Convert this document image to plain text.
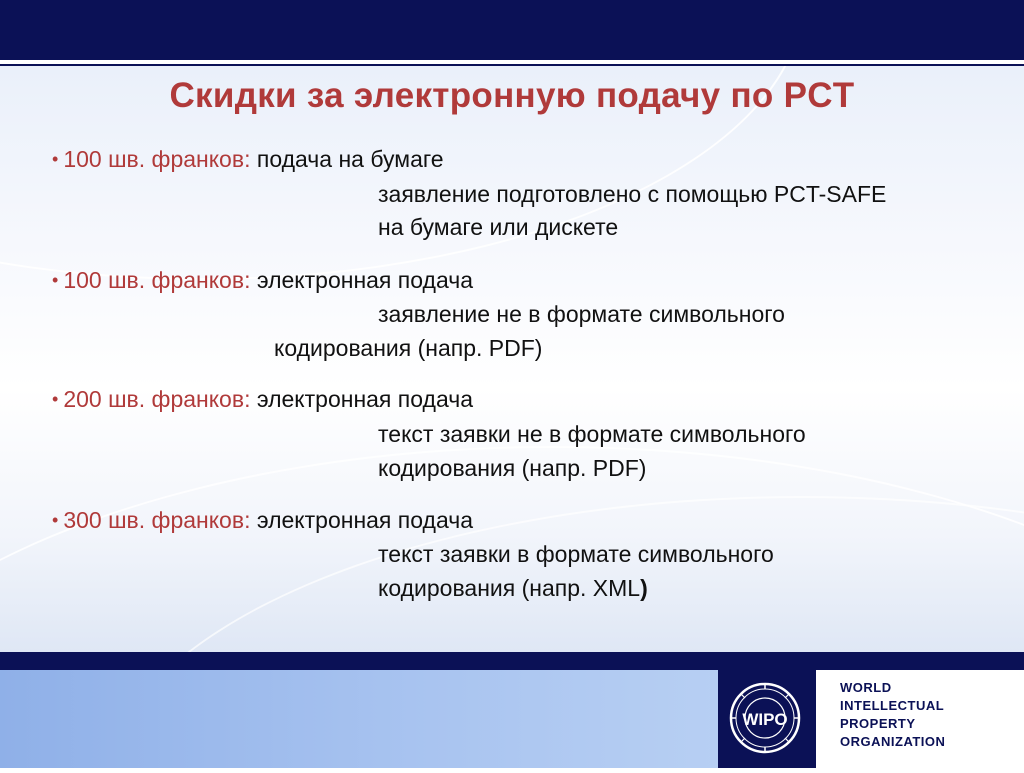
Скидки за электронную подачу по PCT
• 100 шв. франков: подача на бумаге
заявление подготовлено с помощью PCT-SAFE
на бумаге или дискете
• 100 шв. франков: электронная подача
заявление не в формате символьного
кодирования (напр. PDF)
• 200 шв. франков: электронная подача
текст заявки не в формате символьного
кодирования (напр. PDF)
• 300 шв. франков: электронная подача
текст заявки в формате символьного
кодирования (напр. XML)
WIPO
WORLD
INTELLECTUAL
PROPERTY
ORGANIZATION
